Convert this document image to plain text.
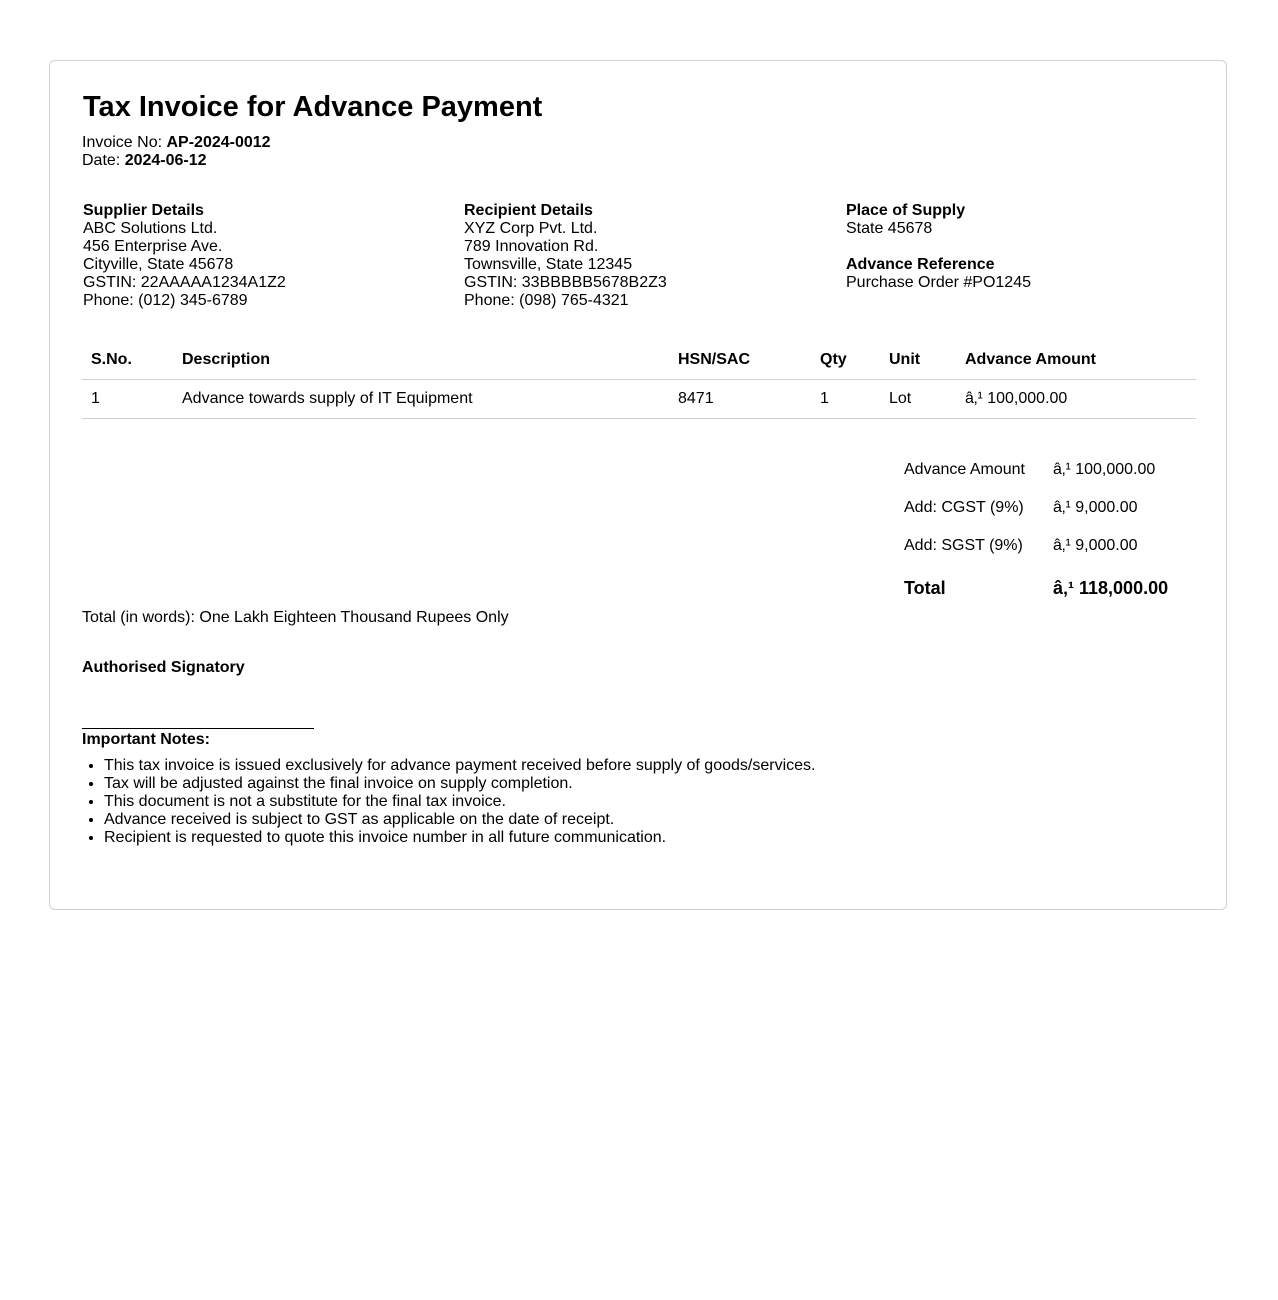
Tax Invoice for Advance Payment
Invoice No: AP-2024-0012
Date: 2024-06-12
Supplier Details
ABC Solutions Ltd.
456 Enterprise Ave.
Cityville, State 45678
GSTIN: 22AAAAA1234A1Z2
Phone: (012) 345-6789
Recipient Details
XYZ Corp Pvt. Ltd.
789 Innovation Rd.
Townsville, State 12345
GSTIN: 33BBBBB5678B2Z3
Phone: (098) 765-4321
Place of Supply
State 45678
Advance Reference
Purchase Order #PO1245
S.No.	Description	HSN/SAC	Qty	Unit	Advance Amount
1	Advance towards supply of IT Equipment	8471	1	Lot	â‚¹ 100,000.00
Advance Amount	â‚¹ 100,000.00
Add: CGST (9%)	â‚¹ 9,000.00
Add: SGST (9%)	â‚¹ 9,000.00
Total	â‚¹ 118,000.00
Total (in words): One Lakh Eighteen Thousand Rupees Only
Authorised Signatory
Important Notes:
• This tax invoice is issued exclusively for advance payment received before supply of goods/services.
• Tax will be adjusted against the final invoice on supply completion.
• This document is not a substitute for the final tax invoice.
• Advance received is subject to GST as applicable on the date of receipt.
• Recipient is requested to quote this invoice number in all future communication.
